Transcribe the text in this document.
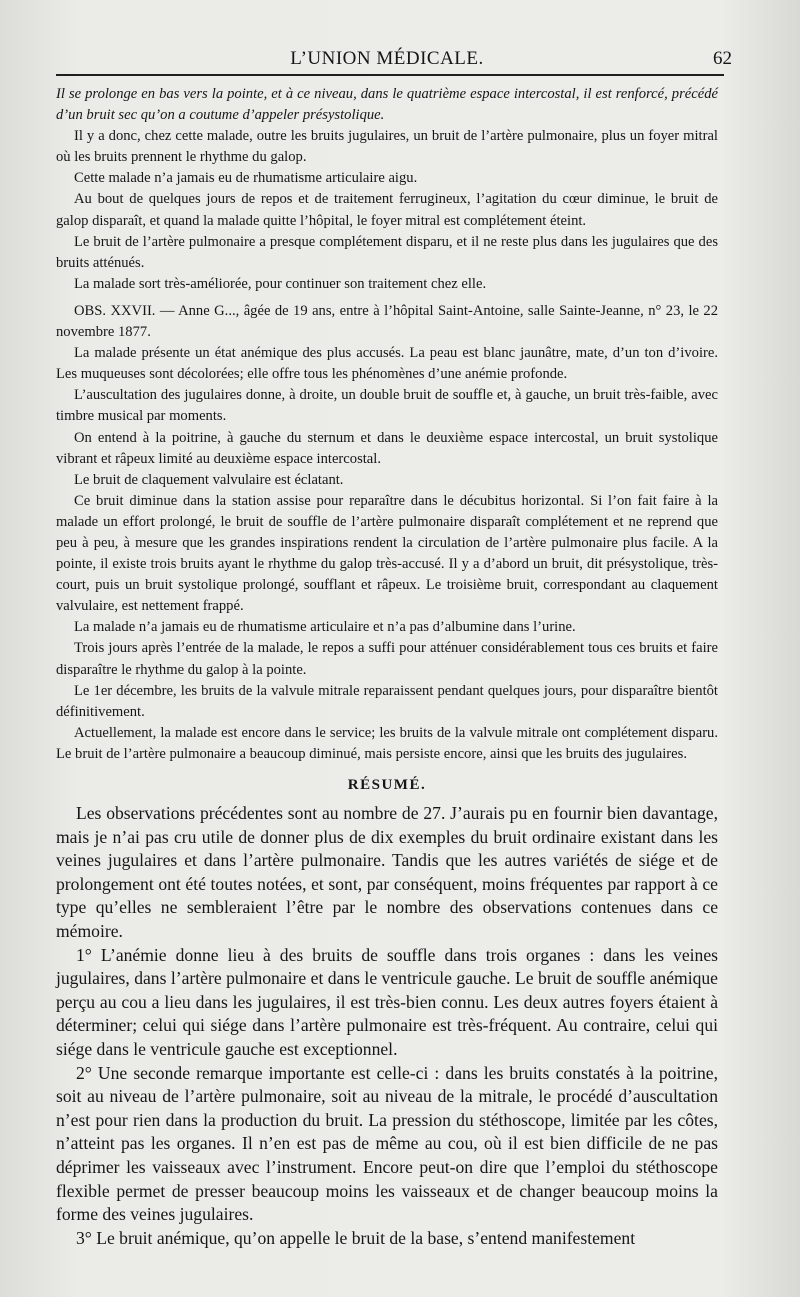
L’UNION MÉDICALE.	62

Il se prolonge en bas vers la pointe, et à ce niveau, dans le quatrième espace intercostal, il est renforcé, précédé d’un bruit sec qu’on a coutume d’appeler présystolique.

Il y a donc, chez cette malade, outre les bruits jugulaires, un bruit de l’artère pulmonaire, plus un foyer mitral où les bruits prennent le rhythme du galop.

Cette malade n’a jamais eu de rhumatisme articulaire aigu.

Au bout de quelques jours de repos et de traitement ferrugineux, l’agitation du cœur diminue, le bruit de galop disparaît, et quand la malade quitte l’hôpital, le foyer mitral est complétement éteint.

Le bruit de l’artère pulmonaire a presque complétement disparu, et il ne reste plus dans les jugulaires que des bruits atténués.

La malade sort très-améliorée, pour continuer son traitement chez elle.

OBS. XXVII. — Anne G..., âgée de 19 ans, entre à l’hôpital Saint-Antoine, salle Sainte-Jeanne, n° 23, le 22 novembre 1877.

La malade présente un état anémique des plus accusés. La peau est blanc jaunâtre, mate, d’un ton d’ivoire. Les muqueuses sont décolorées; elle offre tous les phénomènes d’une anémie profonde.

L’auscultation des jugulaires donne, à droite, un double bruit de souffle et, à gauche, un bruit très-faible, avec timbre musical par moments.

On entend à la poitrine, à gauche du sternum et dans le deuxième espace intercostal, un bruit systolique vibrant et râpeux limité au deuxième espace intercostal.

Le bruit de claquement valvulaire est éclatant.

Ce bruit diminue dans la station assise pour reparaître dans le décubitus horizontal. Si l’on fait faire à la malade un effort prolongé, le bruit de souffle de l’artère pulmonaire disparaît complétement et ne reprend que peu à peu, à mesure que les grandes inspirations rendent la circulation de l’artère pulmonaire plus facile. A la pointe, il existe trois bruits ayant le rhythme du galop très-accusé. Il y a d’abord un bruit, dit présystolique, très-court, puis un bruit systolique prolongé, soufflant et râpeux. Le troisième bruit, correspondant au claquement valvulaire, est nettement frappé.

La malade n’a jamais eu de rhumatisme articulaire et n’a pas d’albumine dans l’urine.

Trois jours après l’entrée de la malade, le repos a suffi pour atténuer considérablement tous ces bruits et faire disparaître le rhythme du galop à la pointe.

Le 1er décembre, les bruits de la valvule mitrale reparaissent pendant quelques jours, pour disparaître bientôt définitivement.

Actuellement, la malade est encore dans le service; les bruits de la valvule mitrale ont complétement disparu. Le bruit de l’artère pulmonaire a beaucoup diminué, mais persiste encore, ainsi que les bruits des jugulaires.

RÉSUMÉ.

Les observations précédentes sont au nombre de 27. J’aurais pu en fournir bien davantage, mais je n’ai pas cru utile de donner plus de dix exemples du bruit ordinaire existant dans les veines jugulaires et dans l’artère pulmonaire. Tandis que les autres variétés de siége et de prolongement ont été toutes notées, et sont, par conséquent, moins fréquentes par rapport à ce type qu’elles ne sembleraient l’être par le nombre des observations contenues dans ce mémoire.

1° L’anémie donne lieu à des bruits de souffle dans trois organes : dans les veines jugulaires, dans l’artère pulmonaire et dans le ventricule gauche. Le bruit de souffle anémique perçu au cou a lieu dans les jugulaires, il est très-bien connu. Les deux autres foyers étaient à déterminer; celui qui siége dans l’artère pulmonaire est très-fréquent. Au contraire, celui qui siége dans le ventricule gauche est exceptionnel.

2° Une seconde remarque importante est celle-ci : dans les bruits constatés à la poitrine, soit au niveau de l’artère pulmonaire, soit au niveau de la mitrale, le procédé d’auscultation n’est pour rien dans la production du bruit. La pression du stéthoscope, limitée par les côtes, n’atteint pas les organes. Il n’en est pas de même au cou, où il est bien difficile de ne pas déprimer les vaisseaux avec l’instrument. Encore peut-on dire que l’emploi du stéthoscope flexible permet de presser beaucoup moins les vaisseaux et de changer beaucoup moins la forme des veines jugulaires.

3° Le bruit anémique, qu’on appelle le bruit de la base, s’entend manifestement
